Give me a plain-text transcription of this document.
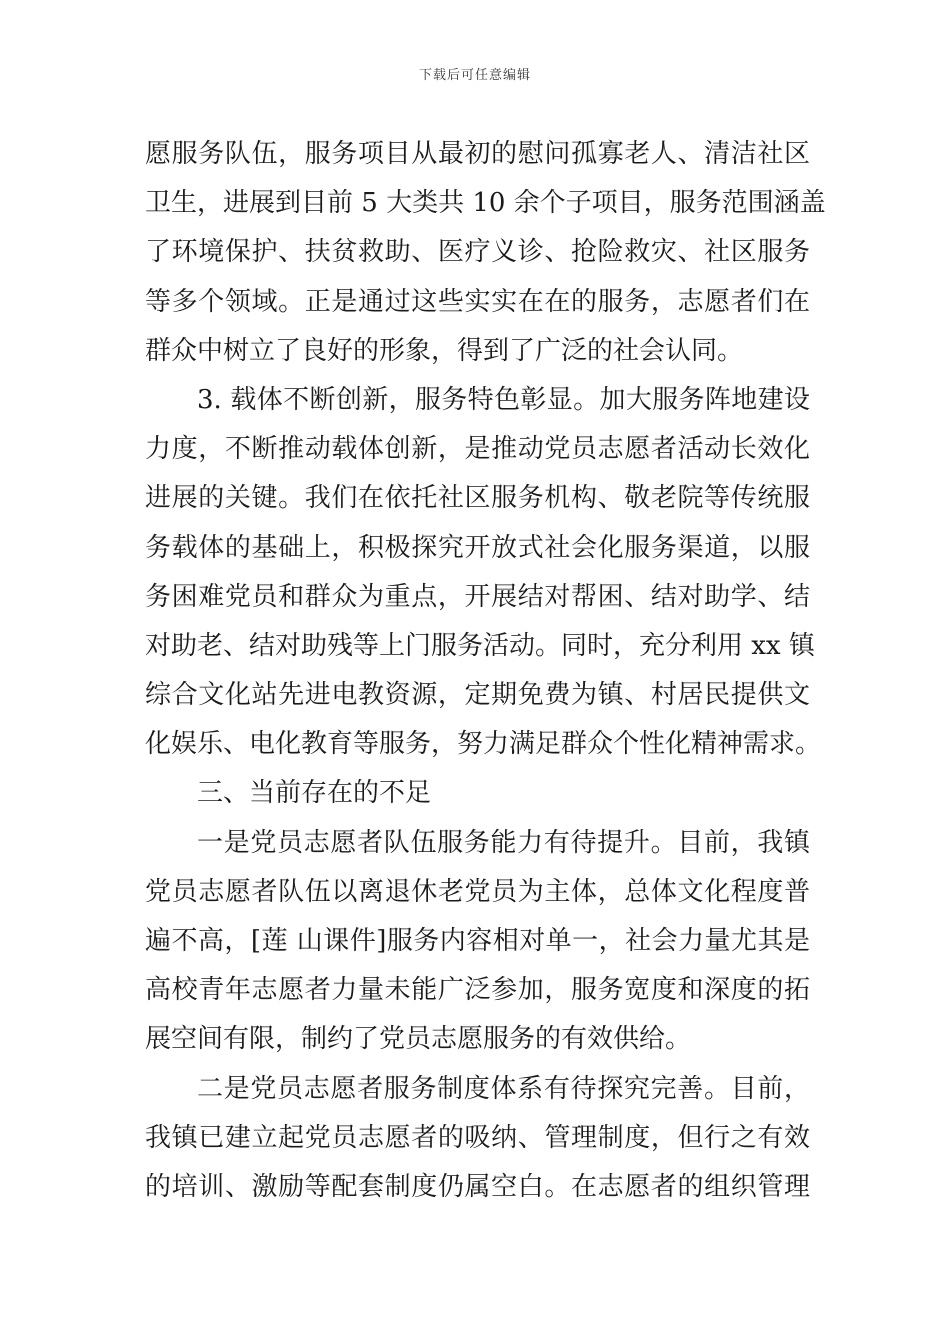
下载后可任意编辑
愿服务队伍，服务项目从最初的慰问孤寡老人、清洁社区
卫生，进展到目前 5 大类共 10 余个子项目，服务范围涵盖
了环境保护、扶贫救助、医疗义诊、抢险救灾、社区服务
等多个领域。正是通过这些实实在在的服务，志愿者们在
群众中树立了良好的形象，得到了广泛的社会认同。
3. 载体不断创新，服务特色彰显。加大服务阵地建设
力度，不断推动载体创新，是推动党员志愿者活动长效化
进展的关键。我们在依托社区服务机构、敬老院等传统服
务载体的基础上，积极探究开放式社会化服务渠道，以服
务困难党员和群众为重点，开展结对帮困、结对助学、结
对助老、结对助残等上门服务活动。同时，充分利用 xx 镇
综合文化站先进电教资源，定期免费为镇、村居民提供文
化娱乐、电化教育等服务，努力满足群众个性化精神需求。
三、当前存在的不足
一是党员志愿者队伍服务能力有待提升。目前，我镇
党员志愿者队伍以离退休老党员为主体，总体文化程度普
遍不高，[莲 山课件]服务内容相对单一，社会力量尤其是
高校青年志愿者力量未能广泛参加，服务宽度和深度的拓
展空间有限，制约了党员志愿服务的有效供给。
二是党员志愿者服务制度体系有待探究完善。目前，
我镇已建立起党员志愿者的吸纳、管理制度，但行之有效
的培训、激励等配套制度仍属空白。在志愿者的组织管理
